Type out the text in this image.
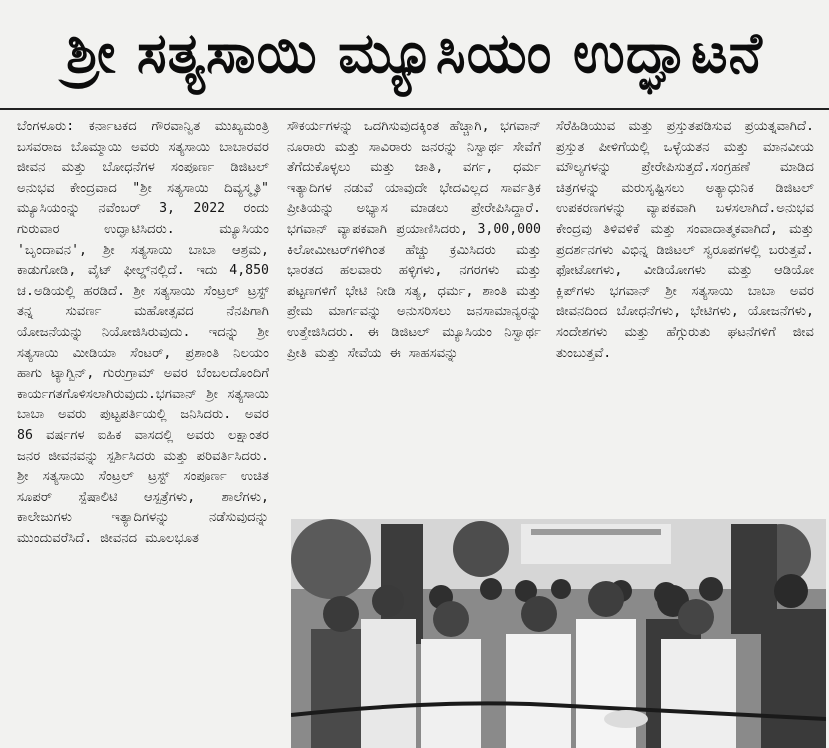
ಶ್ರೀ ಸತ್ಯಸಾಯಿ ಮ್ಯೂಸಿಯಂ ಉದ್ಘಾಟನೆ

ಬೆಂಗಳೂರು: ಕರ್ನಾಟಕದ ಗೌರವಾನ್ವಿತ ಮುಖ್ಯಮಂತ್ರಿ ಬಸವರಾಜ ಬೊಮ್ಮಾಯಿ ಅವರು ಸತ್ಯಸಾಯಿ ಬಾಬಾರವರ ಜೀವನ ಮತ್ತು ಬೋಧನೆಗಳ ಸಂಪೂರ್ಣ ಡಿಜಿಟಲ್ ಅನುಭವ ಕೇಂದ್ರವಾದ "ಶ್ರೀ ಸತ್ಯಸಾಯಿ ದಿವ್ಯಸ್ಮೃತಿ" ಮ್ಯೂಸಿಯಂನ್ನು ನವೆಂಬರ್ 3, 2022 ರಂದು ಗುರುವಾರ ಉದ್ಘಾಟಿಸಿದರು. ಮ್ಯೂಸಿಯಂ 'ಬೃಂದಾವನ', ಶ್ರೀ ಸತ್ಯಸಾಯಿ ಬಾಬಾ ಆಶ್ರಮ, ಕಾಡುಗೋಡಿ, ವೈಟ್ ಫೀಲ್ಡ್‌ನಲ್ಲಿದೆ. ಇದು 4,850 ಚ.ಅಡಿಯಲ್ಲಿ ಹರಡಿದೆ. ಶ್ರೀ ಸತ್ಯಸಾಯಿ ಸೆಂಟ್ರಲ್ ಟ್ರಸ್ಟ್ ತನ್ನ ಸುವರ್ಣ ಮಹೋತ್ಸವದ ನೆನಪಿಗಾಗಿ ಯೋಜನೆಯನ್ನು ನಿಯೋಜಿಸಿರುವುದು. ಇದನ್ನು ಶ್ರೀ ಸತ್ಯಸಾಯಿ ಮೀಡಿಯಾ ಸೆಂಟರ್, ಪ್ರಶಾಂತಿ ನಿಲಯಂ ಹಾಗು ಟ್ಯಾಗ್ಬಿನ್, ಗುರುಗ್ರಾಮ್ ಅವರ ಬೆಂಬಲದೊಂದಿಗೆ ಕಾರ್ಯಗತಗೊಳಿಸಲಾಗಿರುವುದು.ಭಗವಾನ್ ಶ್ರೀ ಸತ್ಯಸಾಯಿ ಬಾಬಾ ಅವರು ಪುಟ್ಟಪರ್ತಿಯಲ್ಲಿ ಜನಿಸಿದರು. ಅವರ 86 ವರ್ಷಗಳ ಐಹಿಕ ವಾಸದಲ್ಲಿ ಅವರು ಲಕ್ಷಾಂತರ ಜನರ ಜೀವನವನ್ನು ಸ್ಪರ್ಶಿಸಿದರು ಮತ್ತು ಪರಿವರ್ತಿಸಿದರು. ಶ್ರೀ ಸತ್ಯಸಾಯಿ ಸೆಂಟ್ರಲ್ ಟ್ರಸ್ಟ್ ಸಂಪೂರ್ಣ ಉಚಿತ ಸೂಪರ್ ಸ್ಪೆಷಾಲಿಟಿ ಆಸ್ಪತ್ರೆಗಳು, ಶಾಲೆಗಳು, ಕಾಲೇಜುಗಳು ಇತ್ಯಾದಿಗಳನ್ನು ನಡೆಸುವುದನ್ನು ಮುಂದುವರೆಸಿದೆ. ಜೀವನದ ಮೂಲಭೂತ

ಸೌಕರ್ಯಗಳನ್ನು ಒದಗಿಸುವುದಕ್ಕಿಂತ ಹೆಚ್ಚಾಗಿ, ಭಗವಾನ್ ನೂರಾರು ಮತ್ತು ಸಾವಿರಾರು ಜನರನ್ನು ನಿಸ್ವಾರ್ಥ ಸೇವೆಗೆ ತೆಗೆದುಕೊಳ್ಳಲು ಮತ್ತು ಜಾತಿ, ವರ್ಗ, ಧರ್ಮ ಇತ್ಯಾದಿಗಳ ನಡುವೆ ಯಾವುದೇ ಭೇದವಿಲ್ಲದ ಸಾರ್ವತ್ರಿಕ ಪ್ರೀತಿಯನ್ನು ಅಭ್ಯಾಸ ಮಾಡಲು ಪ್ರೇರೇಪಿಸಿದ್ದಾರೆ. ಭಗವಾನ್ ವ್ಯಾಪಕವಾಗಿ ಪ್ರಯಾಣಿಸಿದರು, 3,00,000 ಕಿಲೋಮೀಟರ್‌ಗಳಿಗಿಂತ ಹೆಚ್ಚು ಕ್ರಮಿಸಿದರು ಮತ್ತು ಭಾರತದ ಹಲವಾರು ಹಳ್ಳಿಗಳು, ನಗರಗಳು ಮತ್ತು ಪಟ್ಟಣಗಳಿಗೆ ಭೇಟಿ ನೀಡಿ ಸತ್ಯ, ಧರ್ಮ, ಶಾಂತಿ ಮತ್ತು ಪ್ರೇಮ ಮಾರ್ಗವನ್ನು ಅನುಸರಿಸಲು ಜನಸಾಮಾನ್ಯರನ್ನು ಉತ್ತೇಜಿಸಿದರು. ಈ ಡಿಜಿಟಲ್ ಮ್ಯೂಸಿಯಂ ನಿಸ್ವಾರ್ಥ ಪ್ರೀತಿ ಮತ್ತು ಸೇವೆಯ ಈ ಸಾಹಸವನ್ನು

ಸೆರೆಹಿಡಿಯುವ ಮತ್ತು ಪ್ರಸ್ತುತಪಡಿಸುವ ಪ್ರಯತ್ನವಾಗಿದೆ. ಪ್ರಸ್ತುತ ಪೀಳಿಗೆಯಲ್ಲಿ ಒಳ್ಳೆಯತನ ಮತ್ತು ಮಾನವೀಯ ಮೌಲ್ಯಗಳನ್ನು ಪ್ರೇರೇಪಿಸುತ್ತದೆ.ಸಂಗ್ರಹಣೆ ಮಾಡಿದ ಚಿತ್ರಗಳನ್ನು ಮರುಸೃಷ್ಟಿಸಲು ಅತ್ಯಾಧುನಿಕ ಡಿಜಿಟಲ್ ಉಪಕರಣಗಳನ್ನು ವ್ಯಾಪಕವಾಗಿ ಬಳಸಲಾಗಿದೆ.ಅನುಭವ ಕೇಂದ್ರವು ತಿಳಿವಳಿಕೆ ಮತ್ತು ಸಂವಾದಾತ್ಮಕವಾಗಿದೆ, ಮತ್ತು ಪ್ರದರ್ಶನಗಳು ವಿಭಿನ್ನ ಡಿಜಿಟಲ್ ಸ್ವರೂಪಗಳಲ್ಲಿ ಬರುತ್ತವೆ. ಫೋಟೋಗಳು, ವೀಡಿಯೋಗಳು ಮತ್ತು ಆಡಿಯೋ ಕ್ಲಿಪ್‌ಗಳು ಭಗವಾನ್ ಶ್ರೀ ಸತ್ಯಸಾಯಿ ಬಾಬಾ ಅವರ ಜೀವನದಿಂದ ಬೋಧನೆಗಳು, ಭೇಟಿಗಳು, ಯೋಜನೆಗಳು, ಸಂದೇಶಗಳು ಮತ್ತು ಹೆಗ್ಗುರುತು ಘಟನೆಗಳಿಗೆ ಜೀವ ತುಂಬುತ್ತವೆ.
